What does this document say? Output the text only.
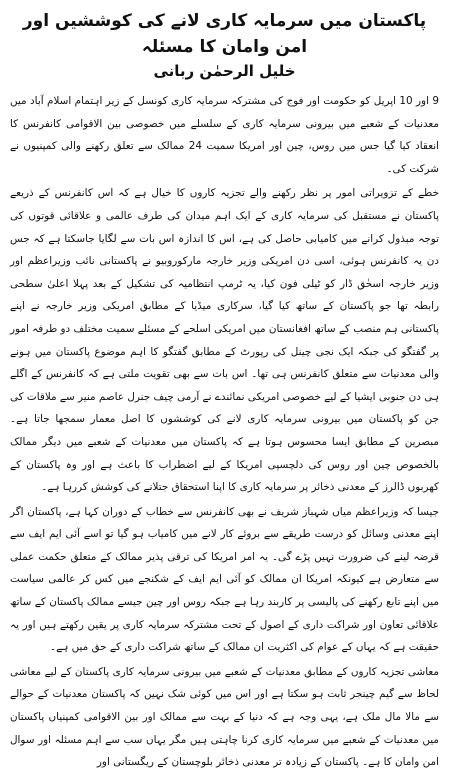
پاکستان میں سرمایہ کاری لانے کی کوششیں اور امن وامان کا مسئلہ
خلیل الرحمٰن ربانی

9 اور 10 اپریل کو حکومت اور فوج کی مشترکہ سرمایہ کاری کونسل کے زیر اہتمام اسلام آباد میں معدنیات کے شعبے میں بیرونی سرمایہ کاری کے سلسلے میں خصوصی بین الاقوامی کانفرنس کا انعقاد کیا گیا جس میں روس، چین اور امریکا سمیت 24 ممالک سے تعلق رکھنے والی کمپنیوں نے شرکت کی۔

خطے کے تزویراتی امور پر نظر رکھنے والے تجزیہ کاروں کا خیال ہے کہ اس کانفرنس کے ذریعے پاکستان نے مستقبل کی سرمایہ کاری کے ایک اہم میدان کی طرف عالمی و علاقائی قوتوں کی توجہ مبذول کرانے میں کامیابی حاصل کی ہے، اس کا اندازہ اس بات سے لگایا جاسکتا ہے کہ جس دن یہ کانفرنس ہوئی، اسی دن امریکی وزیر خارجہ مارکوروبیو نے پاکستانی نائب وزیراعظم اور وزیر خارجہ اسحٰق ڈار کو ٹیلی فون کیا، یہ ٹرمپ انتظامیہ کی تشکیل کے بعد پہلا اعلیٰ سطحی رابطہ تھا جو پاکستان کے ساتھ کیا گیا، سرکاری میڈیا کے مطابق امریکی وزیر خارجہ نے اپنے پاکستانی ہم منصب کے ساتھ افغانستان میں امریکی اسلحے کے مسئلے سمیت مختلف دو طرفہ امور پر گفتگو کی جبکہ ایک نجی چینل کی رپورٹ کے مطابق گفتگو کا اہم موضوع پاکستان میں ہونے والی معدنیات سے متعلق کانفرنس ہی تھا۔ اس بات سے بھی تقویت ملتی ہے کہ کانفرنس کے اگلے ہی دن جنوبی ایشیا کے لیے خصوصی امریکی نمائندے نے آرمی چیف جنرل عاصم منیر سے ملاقات کی جن کو پاکستان میں بیرونی سرمایہ کاری لانے کی کوششوں کا اصل معمار سمجھا جاتا ہے۔ مبصرین کے مطابق ایسا محسوس ہوتا ہے کہ پاکستان میں معدنیات کے شعبے میں دیگر ممالک بالخصوص چین اور روس کی دلچسپی امریکا کے لیے اضطراب کا باعث ہے اور وہ پاکستان کے کھربوں ڈالرز کے معدنی ذخائر پر سرمایہ کاری کا اپنا استحقاق جتلانے کی کوشش کررہا ہے۔

جیسا کہ وزیراعظم میاں شہباز شریف نے بھی کانفرنس سے خطاب کے دوران کہا ہے، پاکستان اگر اپنے معدنی وسائل کو درست طریقے سے بروئے کار لانے میں کامیاب ہو گیا تو اسے آئی ایم ایف سے قرضہ لینے کی ضرورت نہیں پڑے گی۔ یہ امر امریکا کی ترقی پذیر ممالک کے متعلق حکمت عملی سے متعارض ہے کیونکہ امریکا ان ممالک کو آئی ایم ایف کے شکنجے میں کس کر عالمی سیاست میں اپنے تابع رکھنے کی پالیسی پر کاربند رہا ہے جبکہ روس اور چین جیسے ممالک پاکستان کے ساتھ علاقائی تعاون اور شراکت داری کے اصول کے تحت مشترکہ سرمایہ کاری پر یقین رکھتے ہیں اور یہ حقیقت ہے کہ یہاں کے عوام کی اکثریت ان ممالک کے ساتھ شراکت داری کے حق میں ہے۔

معاشی تجزیہ کاروں کے مطابق معدنیات کے شعبے میں بیرونی سرمایہ کاری پاکستان کے لیے معاشی لحاظ سے گیم چینجر ثابت ہو سکتا ہے اور اس میں کوئی شک نہیں کہ پاکستان معدنیات کے حوالے سے مالا مال ملک ہے، یہی وجہ ہے کہ دنیا کے بہت سے ممالک اور بین الاقوامی کمپنیاں پاکستان میں معدنیات کے شعبے میں سرمایہ کاری کرنا چاہتی ہیں مگر یہاں سب سے اہم مسئلہ اور سوال امن وامان کا ہے۔ پاکستان کے زیادہ تر معدنی ذخائر بلوچستان کے ریگستانی اور
